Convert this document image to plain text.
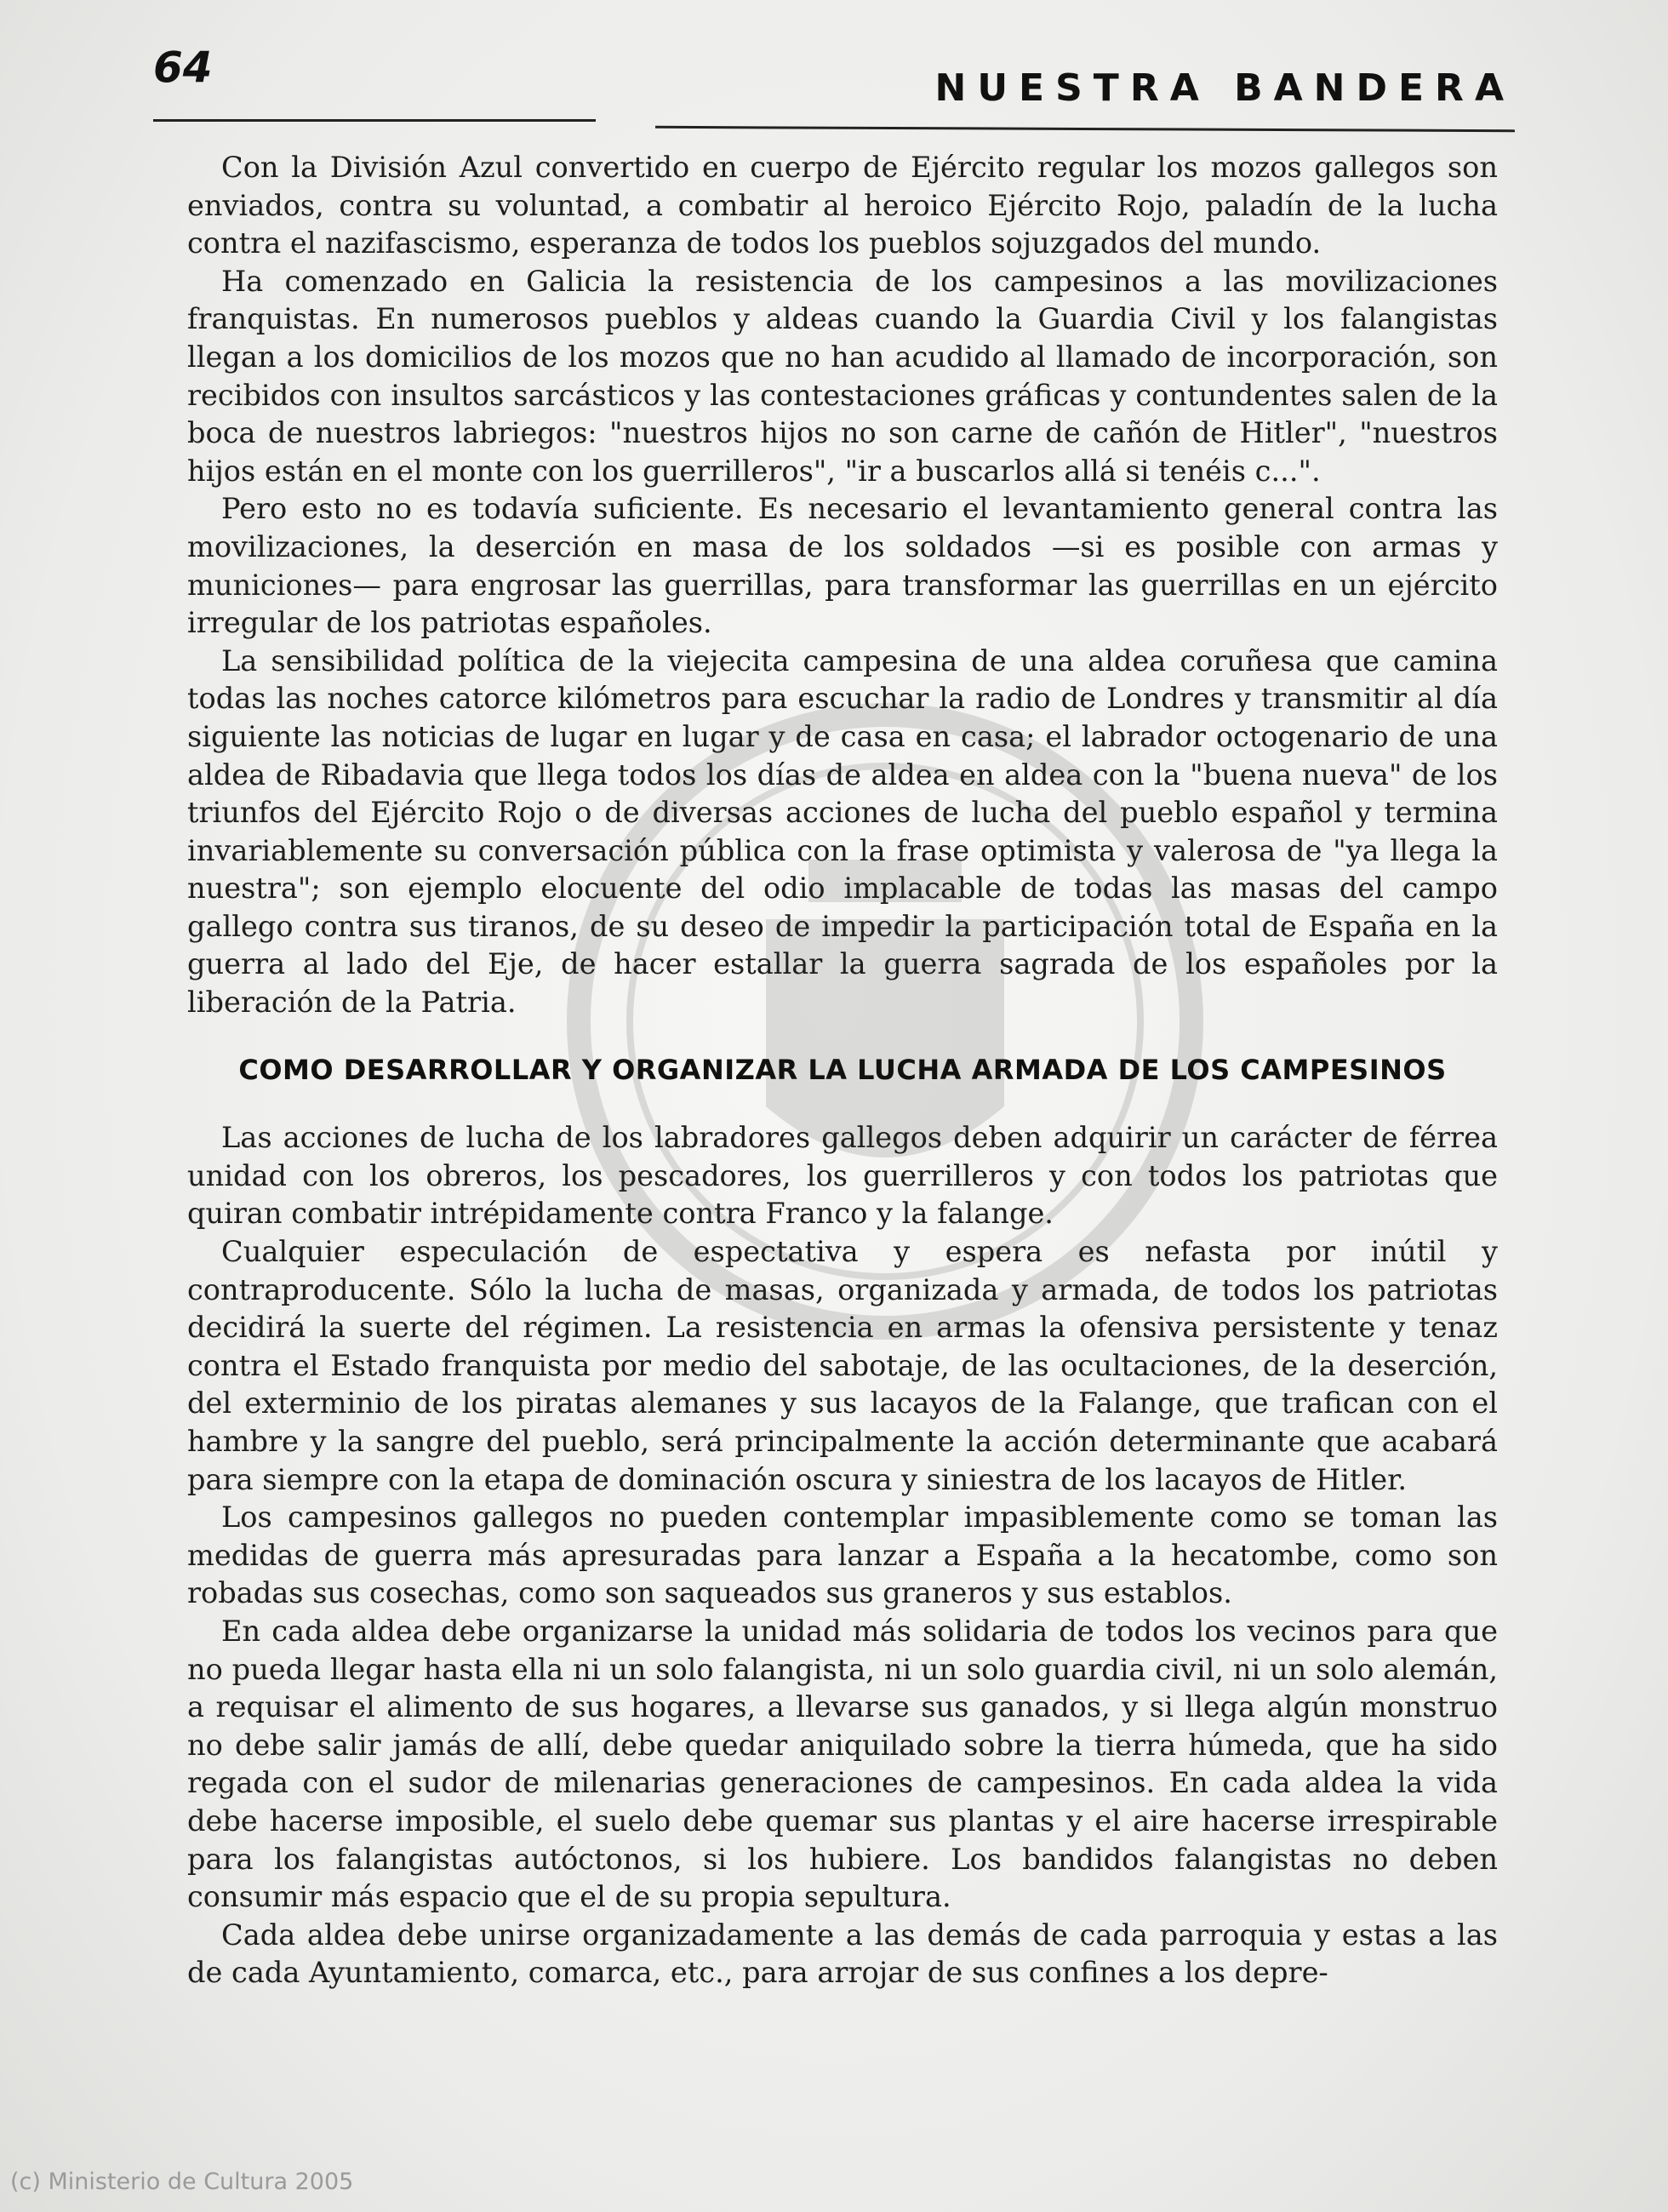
64	NUESTRA BANDERA

Con la División Azul convertido en cuerpo de Ejército regular los mozos gallegos son enviados, contra su voluntad, a combatir al heroico Ejército Rojo, paladín de la lucha contra el nazifascismo, esperanza de todos los pueblos sojuzgados del mundo.

Ha comenzado en Galicia la resistencia de los campesinos a las movilizaciones franquistas. En numerosos pueblos y aldeas cuando la Guardia Civil y los falangistas llegan a los domicilios de los mozos que no han acudido al llamado de incorporación, son recibidos con insultos sarcásticos y las contestaciones gráficas y contundentes salen de la boca de nuestros labriegos: "nuestros hijos no son carne de cañón de Hitler", "nuestros hijos están en el monte con los guerrilleros", "ir a buscarlos allá si tenéis c...".

Pero esto no es todavía suficiente. Es necesario el levantamiento general contra las movilizaciones, la deserción en masa de los soldados —si es posible con armas y municiones— para engrosar las guerrillas, para transformar las guerrillas en un ejército irregular de los patriotas españoles.

La sensibilidad política de la viejecita campesina de una aldea coruñesa que camina todas las noches catorce kilómetros para escuchar la radio de Londres y transmitir al día siguiente las noticias de lugar en lugar y de casa en casa; el labrador octogenario de una aldea de Ribadavia que llega todos los días de aldea en aldea con la "buena nueva" de los triunfos del Ejército Rojo o de diversas acciones de lucha del pueblo español y termina invariablemente su conversación pública con la frase optimista y valerosa de "ya llega la nuestra"; son ejemplo elocuente del odio implacable de todas las masas del campo gallego contra sus tiranos, de su deseo de impedir la participación total de España en la guerra al lado del Eje, de hacer estallar la guerra sagrada de los españoles por la liberación de la Patria.

COMO DESARROLLAR Y ORGANIZAR LA LUCHA ARMADA DE LOS CAMPESINOS

Las acciones de lucha de los labradores gallegos deben adquirir un carácter de férrea unidad con los obreros, los pescadores, los guerrilleros y con todos los patriotas que quiran combatir intrépidamente contra Franco y la falange.

Cualquier especulación de espectativa y espera es nefasta por inútil y contraproducente. Sólo la lucha de masas, organizada y armada, de todos los patriotas decidirá la suerte del régimen. La resistencia en armas la ofensiva persistente y tenaz contra el Estado franquista por medio del sabotaje, de las ocultaciones, de la deserción, del exterminio de los piratas alemanes y sus lacayos de la Falange, que trafican con el hambre y la sangre del pueblo, será principalmente la acción determinante que acabará para siempre con la etapa de dominación oscura y siniestra de los lacayos de Hitler.

Los campesinos gallegos no pueden contemplar impasiblemente como se toman las medidas de guerra más apresuradas para lanzar a España a la hecatombe, como son robadas sus cosechas, como son saqueados sus graneros y sus establos.

En cada aldea debe organizarse la unidad más solidaria de todos los vecinos para que no pueda llegar hasta ella ni un solo falangista, ni un solo guardia civil, ni un solo alemán, a requisar el alimento de sus hogares, a llevarse sus ganados, y si llega algún monstruo no debe salir jamás de allí, debe quedar aniquilado sobre la tierra húmeda, que ha sido regada con el sudor de milenarias generaciones de campesinos. En cada aldea la vida debe hacerse imposible, el suelo debe quemar sus plantas y el aire hacerse irrespirable para los falangistas autóctonos, si los hubiere. Los bandidos falangistas no deben consumir más espacio que el de su propia sepultura.

Cada aldea debe unirse organizadamente a las demás de cada parroquia y estas a las de cada Ayuntamiento, comarca, etc., para arrojar de sus confines a los depre-

(c) Ministerio de Cultura 2005
